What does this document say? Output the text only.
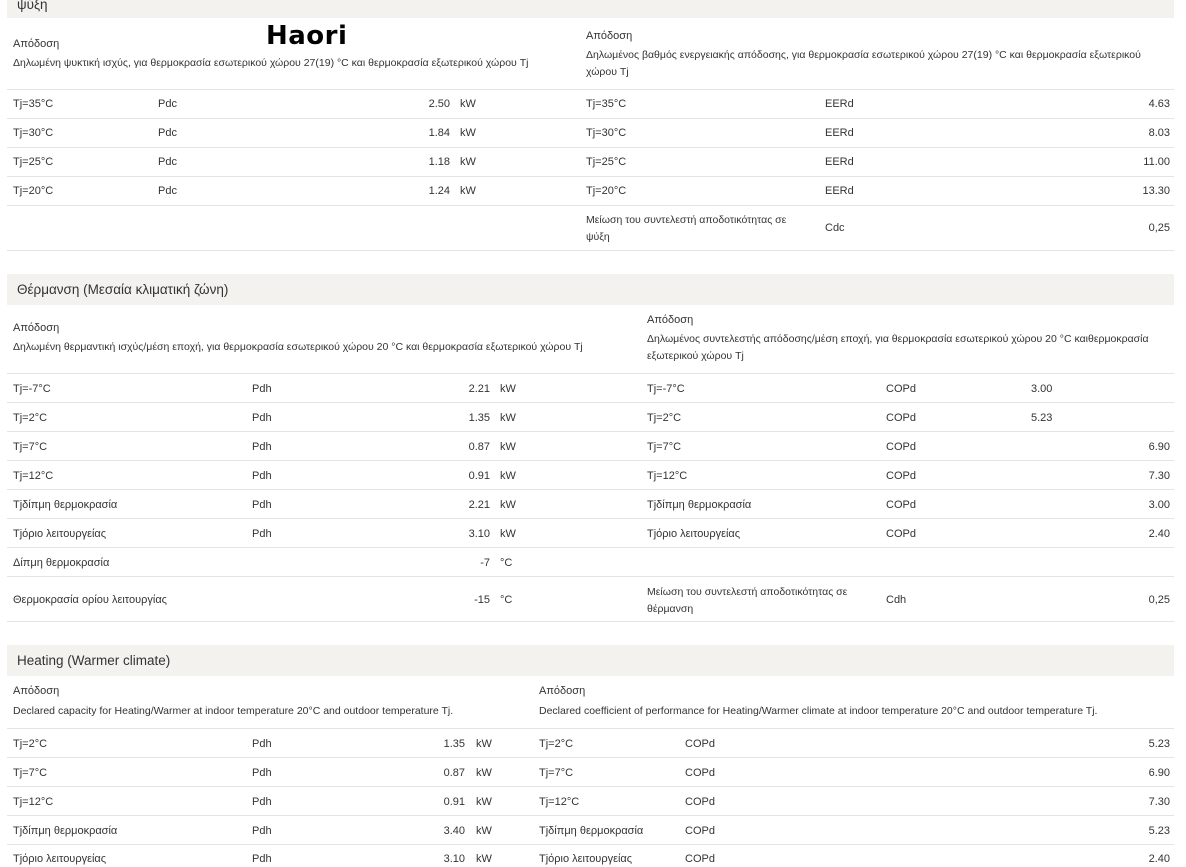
ψύξη
Haori
Απόδοση
Δηλωμένη ψυκτική ισχύς, για θερμοκρασία εσωτερικού χώρου 27(19) °C και θερμοκρασία εξωτερικού χώρου Tj
Απόδοση
Δηλωμένος βαθμός ενεργειακής απόδοσης, για θερμοκρασία εσωτερικού χώρου 27(19) °C και θερμοκρασία εξωτερικού χώρου Tj
Tj=35°C	Pdc	2.50 kW
Tj=30°C	Pdc	1.84 kW
Tj=25°C	Pdc	1.18 kW
Tj=20°C	Pdc	1.24 kW
Tj=35°C	EERd	4.63
Tj=30°C	EERd	8.03
Tj=25°C	EERd	11.00
Tj=20°C	EERd	13.30
Μείωση του συντελεστή αποδοτικότητας σε ψύξη
Cdc	0,25
Θέρμανση (Μεσαία κλιματική ζώνη)
Απόδοση
Δηλωμένη θερμαντική ισχύς/μέση εποχή, για θερμοκρασία εσωτερικού χώρου 20 °C και θερμοκρασία εξωτερικού χώρου Tj
Απόδοση
Δηλωμένος συντελεστής απόδοσης/μέση εποχή, για θερμοκρασία εσωτερικού χώρου 20 °C καιθερμοκρασία εξωτερικού χώρου Tj
Tj=-7°C	Pdh	2.21 kW
Tj=2°C	Pdh	1.35 kW
Tj=7°C	Pdh	0.87 kW
Tj=12°C	Pdh	0.91 kW
Tjδίπμη θερμοκρασία	Pdh	2.21 kW
Tjόριο λειτουργείας	Pdh	3.10 kW
Δίπμη θερμοκρασία	-7 °C
Θερμοκρασία ορίου λειτουργίας	-15 °C
Tj=-7°C	COPd	3.00
Tj=2°C	COPd	5.23
Tj=7°C	COPd	6.90
Tj=12°C	COPd	7.30
Tjδίπμη θερμοκρασία	COPd	3.00
Tjόριο λειτουργείας	COPd	2.40
Μείωση του συντελεστή αποδοτικότητας σε θέρμανση
Cdh	0,25
Heating (Warmer climate)
Απόδοση
Declared capacity for Heating/Warmer at indoor temperature 20°C and outdoor temperature Tj.
Απόδοση
Declared coefficient of performance for Heating/Warmer climate at indoor temperature 20°C and outdoor temperature Tj.
Tj=2°C	Pdh	1.35 kW
Tj=7°C	Pdh	0.87 kW
Tj=12°C	Pdh	0.91 kW
Tjδίπμη θερμοκρασία	Pdh	3.40 kW
Tjόριο λειτουργείας	Pdh	3.10 kW
Tj=2°C	COPd	5.23
Tj=7°C	COPd	6.90
Tj=12°C	COPd	7.30
Tjδίπμη θερμοκρασία	COPd	5.23
Tjόριο λειτουργείας	COPd	2.40
